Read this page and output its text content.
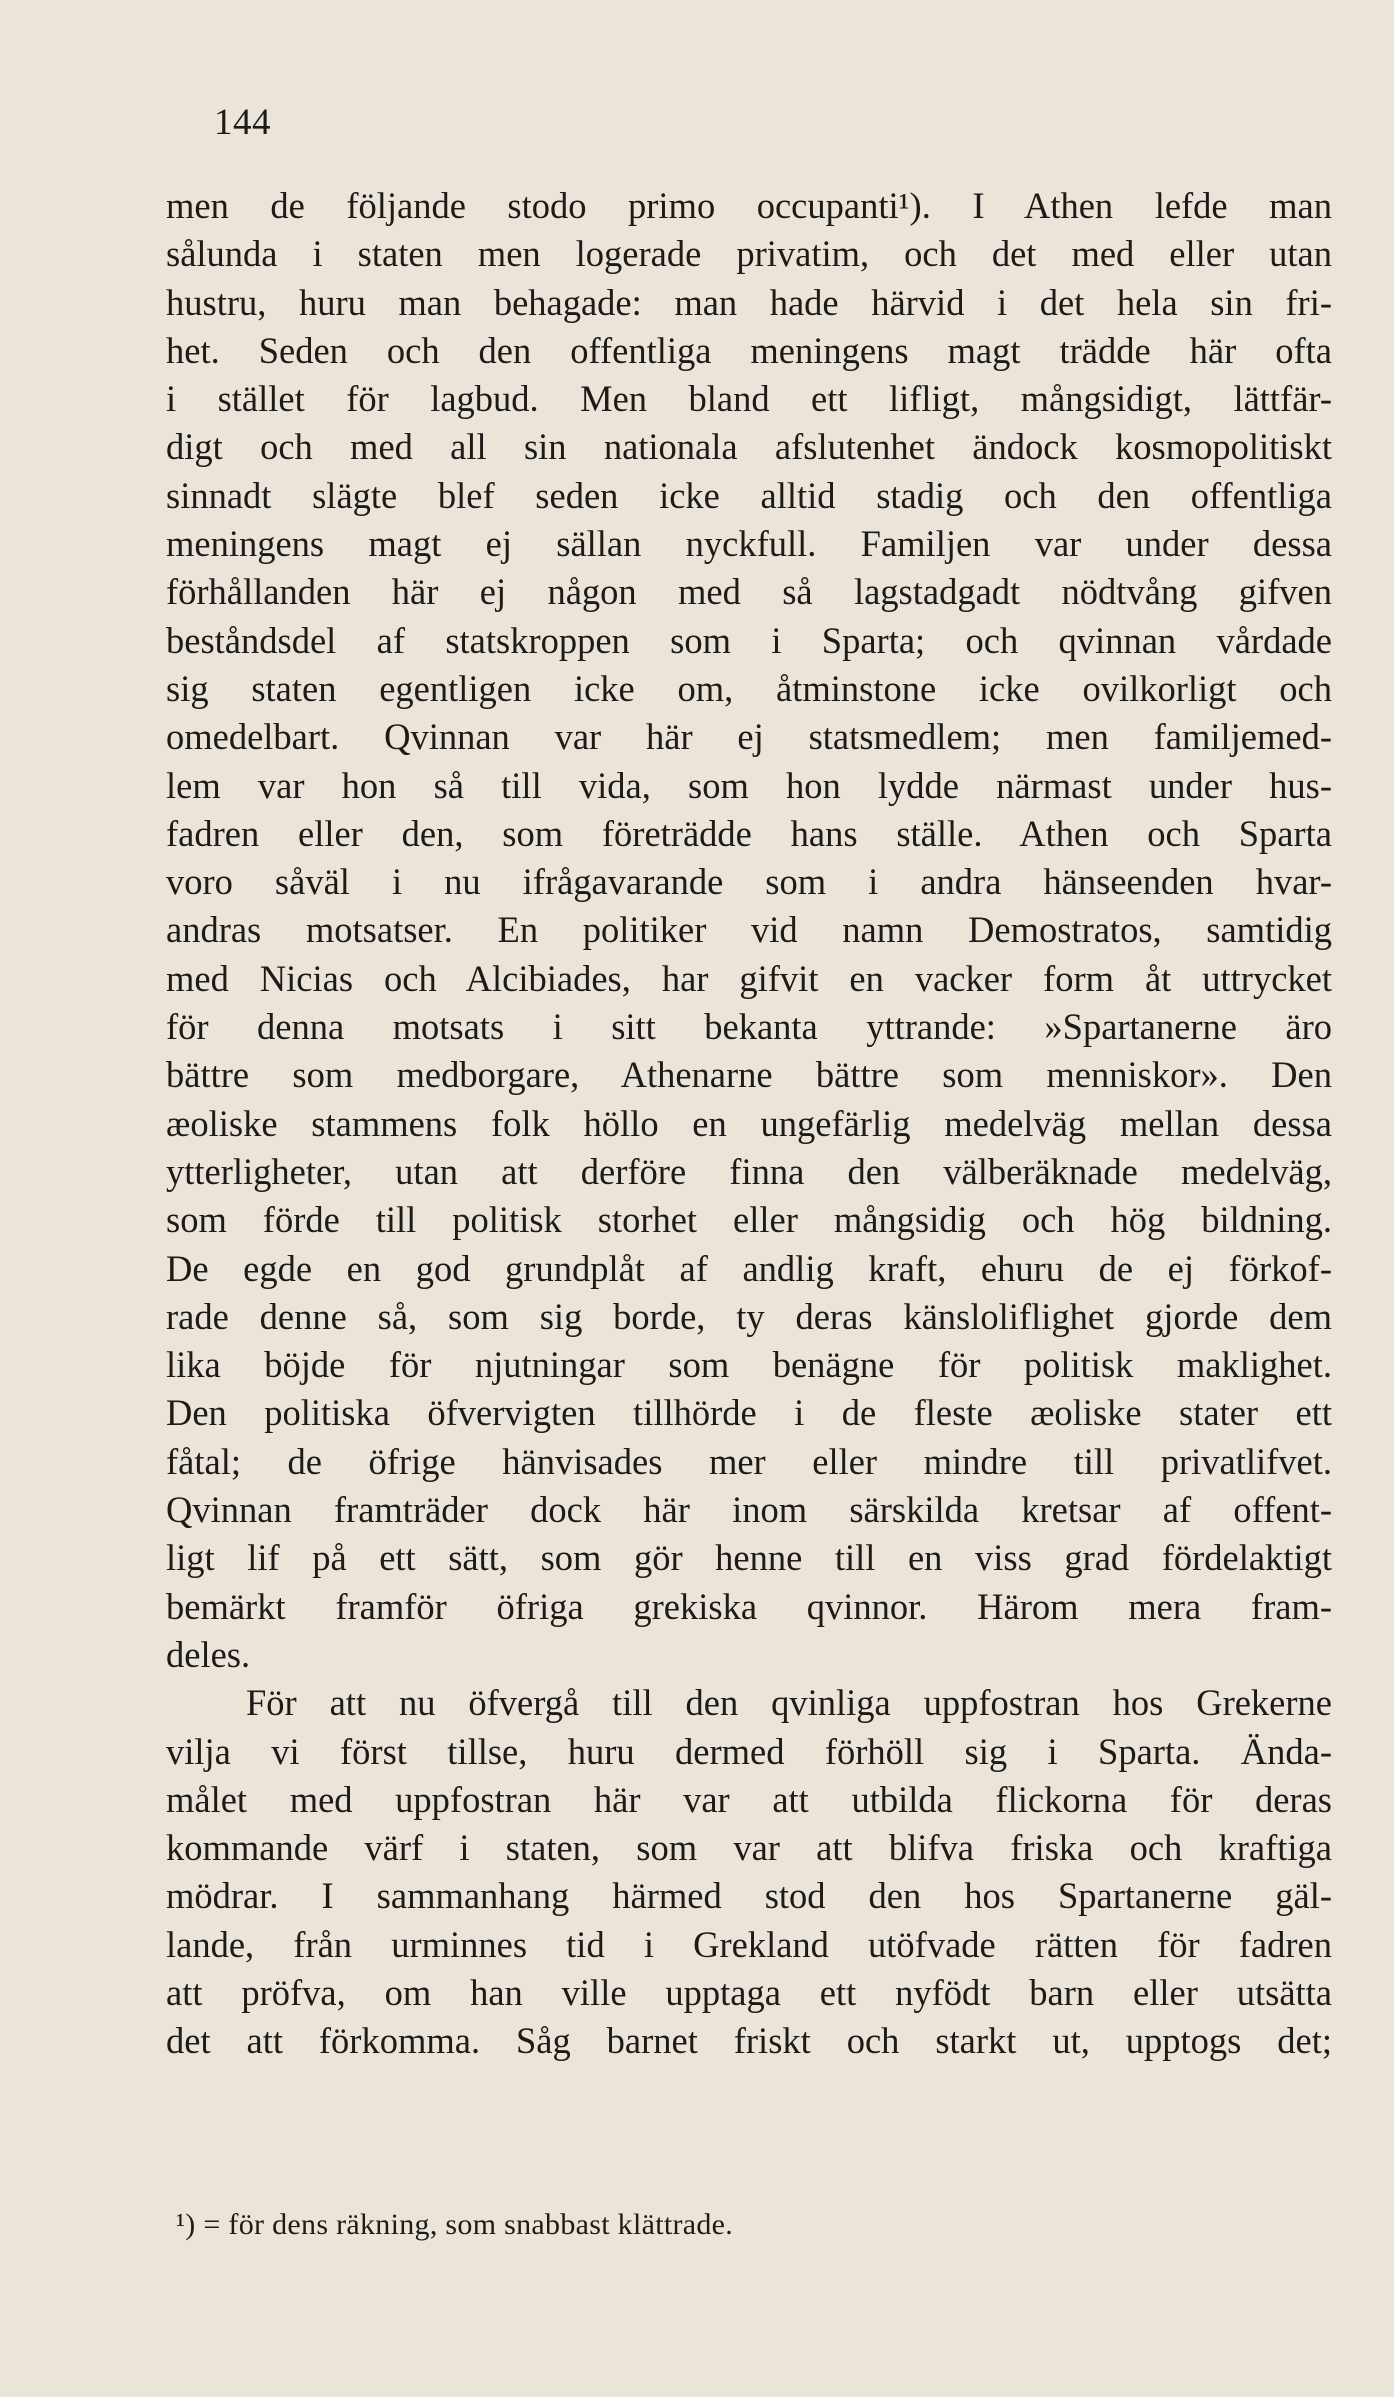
144
men de följande stodo primo occupanti¹). I Athen lefde man
sålunda i staten men logerade privatim, och det med eller utan
hustru, huru man behagade: man hade härvid i det hela sin fri-
het. Seden och den offentliga meningens magt trädde här ofta
i stället för lagbud. Men bland ett lifligt, mångsidigt, lättfär-
digt och med all sin nationala afslutenhet ändock kosmopolitiskt
sinnadt slägte blef seden icke alltid stadig och den offentliga
meningens magt ej sällan nyckfull. Familjen var under dessa
förhållanden här ej någon med så lagstadgadt nödtvång gifven
beståndsdel af statskroppen som i Sparta; och qvinnan vårdade
sig staten egentligen icke om, åtminstone icke ovilkorligt och
omedelbart. Qvinnan var här ej statsmedlem; men familjemed-
lem var hon så till vida, som hon lydde närmast under hus-
fadren eller den, som företrädde hans ställe. Athen och Sparta
voro såväl i nu ifrågavarande som i andra hänseenden hvar-
andras motsatser. En politiker vid namn Demostratos, samtidig
med Nicias och Alcibiades, har gifvit en vacker form åt uttrycket
för denna motsats i sitt bekanta yttrande: »Spartanerne äro
bättre som medborgare, Athenarne bättre som menniskor». Den
æoliske stammens folk höllo en ungefärlig medelväg mellan dessa
ytterligheter, utan att derföre finna den välberäknade medelväg,
som förde till politisk storhet eller mångsidig och hög bildning.
De egde en god grundplåt af andlig kraft, ehuru de ej förkof-
rade denne så, som sig borde, ty deras känsloliflighet gjorde dem
lika böjde för njutningar som benägne för politisk maklighet.
Den politiska öfvervigten tillhörde i de fleste æoliske stater ett
fåtal; de öfrige hänvisades mer eller mindre till privatlifvet.
Qvinnan framträder dock här inom särskilda kretsar af offent-
ligt lif på ett sätt, som gör henne till en viss grad fördelaktigt
bemärkt framför öfriga grekiska qvinnor. Härom mera fram-
deles.
För att nu öfvergå till den qvinliga uppfostran hos Grekerne
vilja vi först tillse, huru dermed förhöll sig i Sparta. Ända-
målet med uppfostran här var att utbilda flickorna för deras
kommande värf i staten, som var att blifva friska och kraftiga
mödrar. I sammanhang härmed stod den hos Spartanerne gäl-
lande, från urminnes tid i Grekland utöfvade rätten för fadren
att pröfva, om han ville upptaga ett nyfödt barn eller utsätta
det att förkomma. Såg barnet friskt och starkt ut, upptogs det;
¹) = för dens räkning, som snabbast klättrade.
